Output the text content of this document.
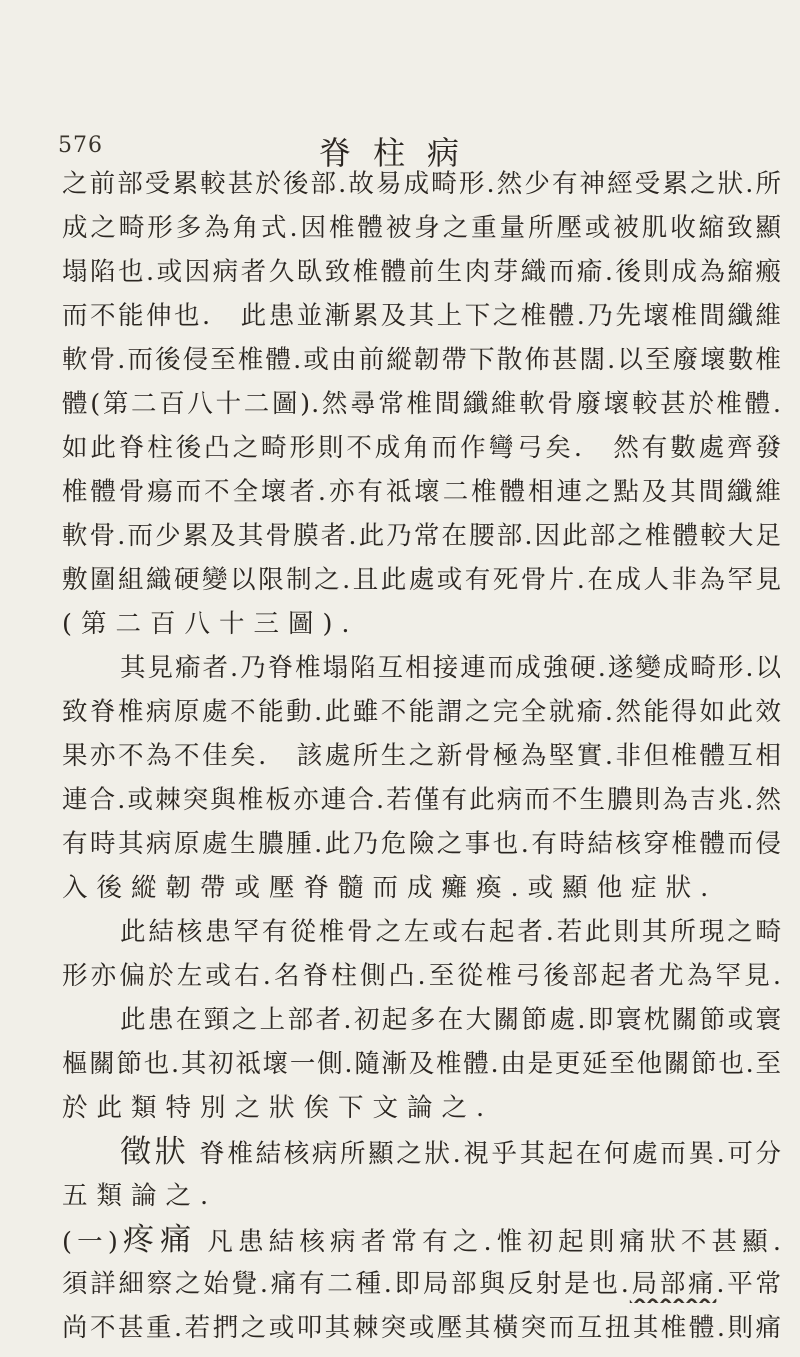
576	脊柱病
之前部受累較甚於後部.故易成畸形.然少有神經受累之狀.所
成之畸形多為角式.因椎體被身之重量所壓或被肌收縮致顯
塌陷也.或因病者久臥致椎體前生肉芽織而瘉.後則成為縮瘢
而不能伸也.　此患並漸累及其上下之椎體.乃先壞椎間纖維
軟骨.而後侵至椎體.或由前縱韌帶下散佈甚闊.以至廢壞數椎
體(第二百八十二圖).然尋常椎間纖維軟骨廢壞較甚於椎體.
如此脊柱後凸之畸形則不成角而作彎弓矣.　然有數處齊發
椎體骨瘍而不全壞者.亦有祗壞二椎體相連之點及其間纖維
軟骨.而少累及其骨膜者.此乃常在腰部.因此部之椎體較大足
敷圍組織硬變以限制之.且此處或有死骨片.在成人非為罕見
(第二百八十三圖).
其見瘉者.乃脊椎塌陷互相接連而成強硬.遂變成畸形.以
致脊椎病原處不能動.此雖不能謂之完全就瘉.然能得如此效
果亦不為不佳矣.　該處所生之新骨極為堅實.非但椎體互相
連合.或棘突與椎板亦連合.若僅有此病而不生膿則為吉兆.然
有時其病原處生膿腫.此乃危險之事也.有時結核穿椎體而侵
入後縱韌帶或壓脊髓而成癱瘓.或顯他症狀.
此結核患罕有從椎骨之左或右起者.若此則其所現之畸
形亦偏於左或右.名脊柱側凸.至從椎弓後部起者尤為罕見.
此患在頸之上部者.初起多在大關節處.即寰枕關節或寰
樞關節也.其初祗壞一側.隨漸及椎體.由是更延至他關節也.至
於此類特別之狀俟下文論之.
徵狀 脊椎結核病所顯之狀.視乎其起在何處而異.可分
五類論之.
(一)疼痛 凡患結核病者常有之.惟初起則痛狀不甚顯.
須詳細察之始覺.痛有二種.即局部與反射是也.局部痛.平常
尚不甚重.若捫之或叩其棘突或壓其橫突而互扭其椎體.則痛
